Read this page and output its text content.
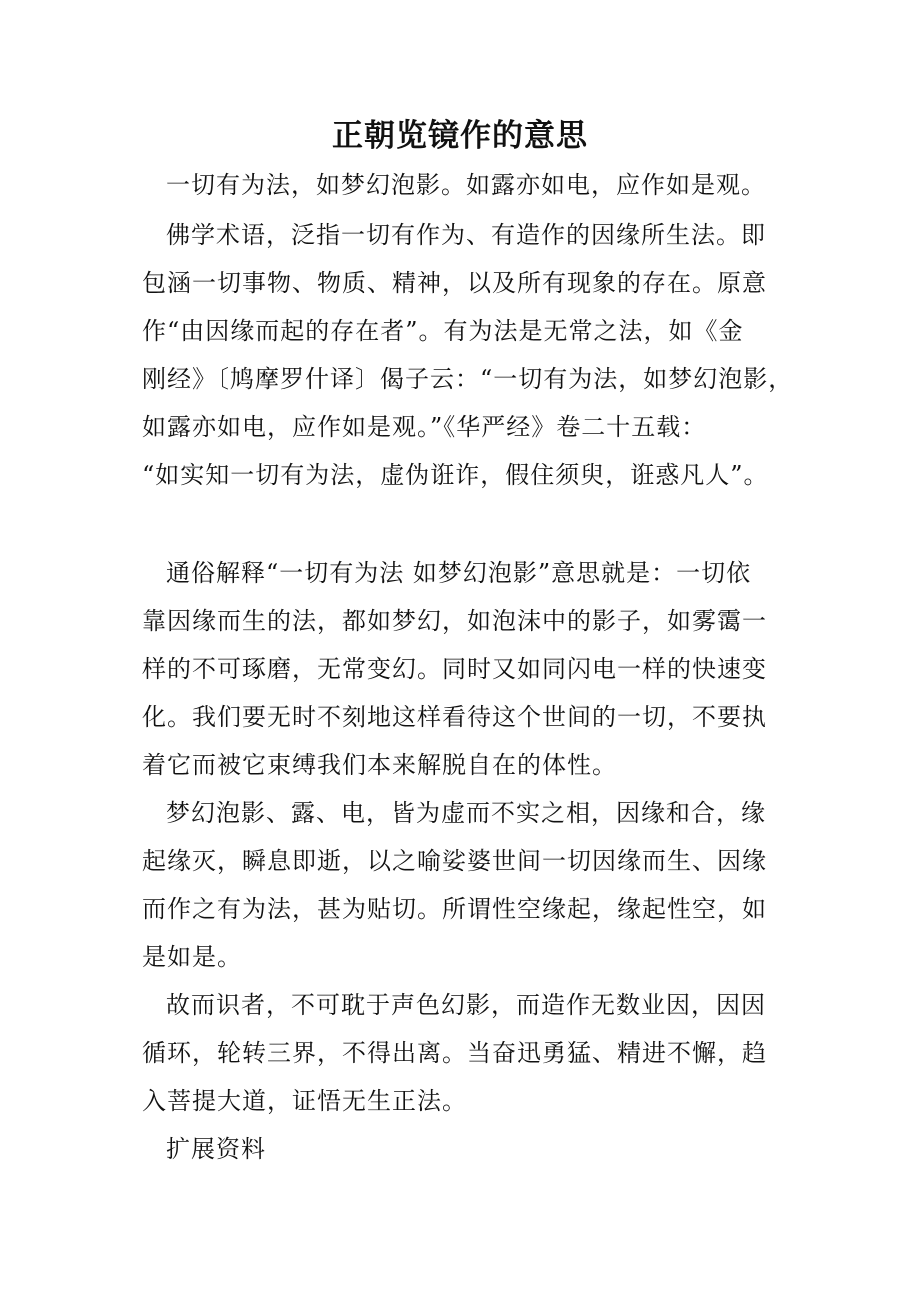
正朝览镜作的意思
一切有为法，如梦幻泡影。如露亦如电，应作如是观。
佛学术语，泛指一切有作为、有造作的因缘所生法。即
包涵一切事物、物质、精神，以及所有现象的存在。原意
作“由因缘而起的存在者”。有为法是无常之法，如《金
刚经》〔鸠摩罗什译〕偈子云：“一切有为法，如梦幻泡影，
如露亦如电，应作如是观。”《华严经》卷二十五载：
“如实知一切有为法，虚伪诳诈，假住须臾，诳惑凡人”。
通俗解释“一切有为法 如梦幻泡影”意思就是：一切依
靠因缘而生的法，都如梦幻，如泡沫中的影子，如雾霭一
样的不可琢磨，无常变幻。同时又如同闪电一样的快速变
化。我们要无时不刻地这样看待这个世间的一切，不要执
着它而被它束缚我们本来解脱自在的体性。
梦幻泡影、露、电，皆为虚而不实之相，因缘和合，缘
起缘灭，瞬息即逝，以之喻娑婆世间一切因缘而生、因缘
而作之有为法，甚为贴切。所谓性空缘起，缘起性空，如
是如是。
故而识者，不可耽于声色幻影，而造作无数业因，因因
循环，轮转三界，不得出离。当奋迅勇猛、精进不懈，趋
入菩提大道，证悟无生正法。
扩展资料
